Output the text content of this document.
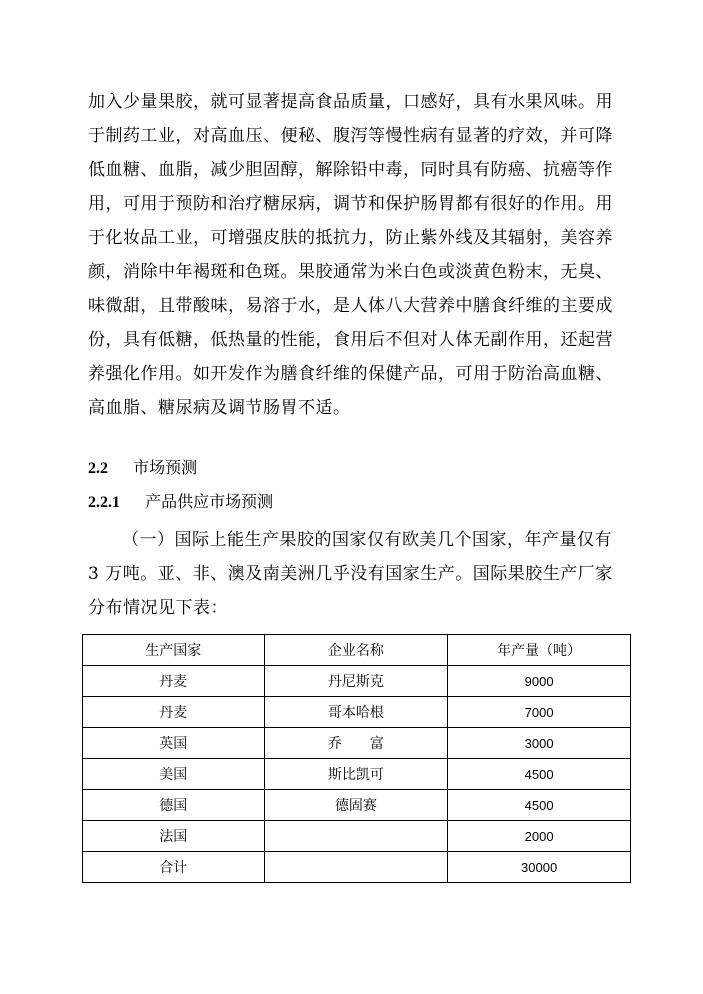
加入少量果胶，就可显著提高食品质量，口感好，具有水果风味。用
于制药工业，对高血压、便秘、腹泻等慢性病有显著的疗效，并可降
低血糖、血脂，减少胆固醇，解除铅中毒，同时具有防癌、抗癌等作
用，可用于预防和治疗糖尿病，调节和保护肠胃都有很好的作用。用
于化妆品工业，可增强皮肤的抵抗力，防止紫外线及其辐射，美容养
颜，消除中年褐斑和色斑。果胶通常为米白色或淡黄色粉末，无臭、
味微甜，且带酸味，易溶于水，是人体八大营养中膳食纤维的主要成
份，具有低糖，低热量的性能，食用后不但对人体无副作用，还起营
养强化作用。如开发作为膳食纤维的保健产品，可用于防治高血糖、
高血脂、糖尿病及调节肠胃不适。

2.2 市场预测
2.2.1 产品供应市场预测

（一）国际上能生产果胶的国家仅有欧美几个国家，年产量仅有
3 万吨。亚、非、澳及南美洲几乎没有国家生产。国际果胶生产厂家
分布情况见下表：

生产国家	企业名称	年产量（吨）
丹麦	丹尼斯克	9000
丹麦	哥本哈根	7000
英国	乔　　富	3000
美国	斯比凯可	4500
德国	德固赛	4500
法国		2000
合计		30000
